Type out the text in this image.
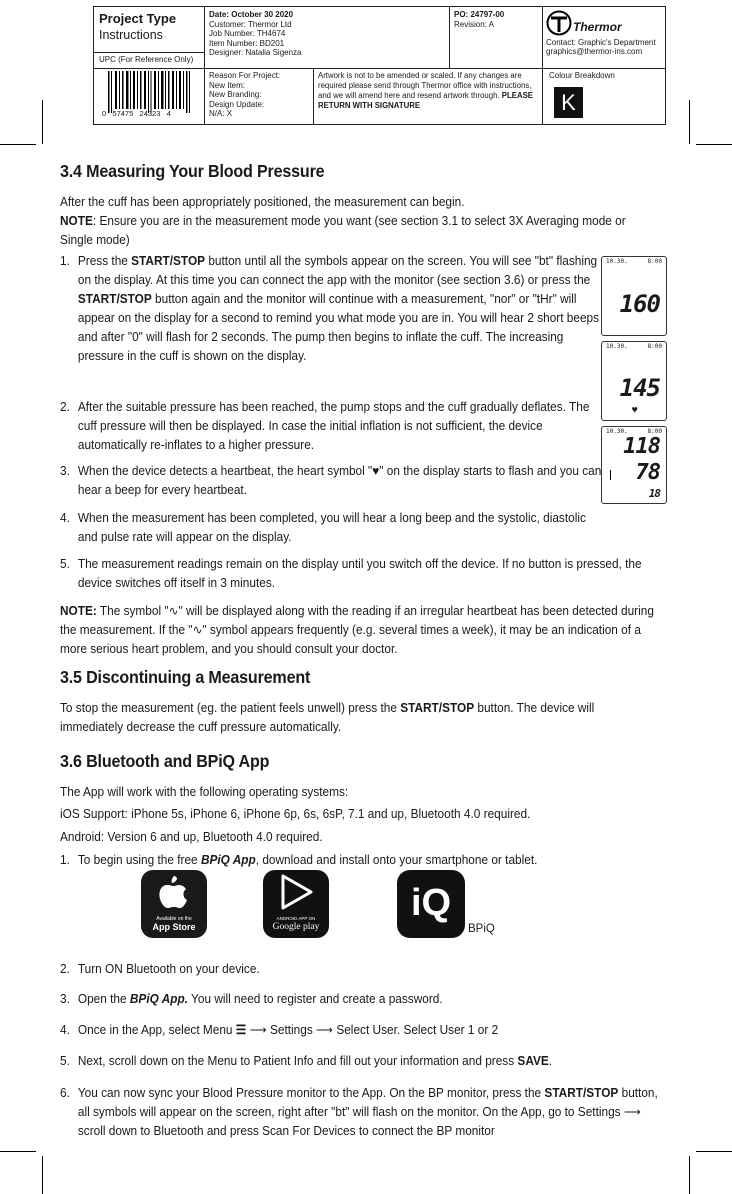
Project Type
Instructions
UPC (For Reference Only)
0   57475   24323   4
Date: October 30 2020
Customer: Thermor Ltd
Job Number: TH4674
Item Number: BD201
Designer: Natalia Sigenza
PO: 24797-00
Revision: A	Thermor
Contact: Graphic's Department
graphics@thermor-ins.com
Reason For Project:
New Item:
New Branding:
Design Update:
N/A: X
Artwork is not to be amended or scaled. If any changes are required please send through Thermor office with instructions, and we will amend here and resend artwork through. PLEASE RETURN WITH SIGNATURE
Colour Breakdown
K
3.4 Measuring Your Blood Pressure
After the cuff has been appropriately positioned, the measurement can begin.
NOTE: Ensure you are in the measurement mode you want (see section 3.1 to select 3X Averaging mode or Single mode)
1. Press the START/STOP button until all the symbols appear on the screen. You will see "bt" flashing on the display. At this time you can connect the app with the monitor (see section 3.6) or press the START/STOP button again and the monitor will continue with a measurement, "nor" or "tHr" will appear on the display for a second to remind you what mode you are in. You will hear 2 short beeps and after "0" will flash for 2 seconds. The pump then begins to inflate the cuff. The increasing pressure in the cuff is shown on the display.
2. After the suitable pressure has been reached, the pump stops and the cuff gradually deflates. The cuff pressure will then be displayed. In case the initial inflation is not sufficient, the device automatically re-inflates to a higher pressure.
3. When the device detects a heartbeat, the heart symbol "♥" on the display starts to flash and you can hear a beep for every heartbeat.
4. When the measurement has been completed, you will hear a long beep and the systolic, diastolic and pulse rate will appear on the display.
5. The measurement readings remain on the display until you switch off the device. If no button is pressed, the device switches off itself in 3 minutes.
NOTE: The symbol "∿" will be displayed along with the reading if an irregular heartbeat has been detected during the measurement. If the "∿" symbol appears frequently (e.g. several times a week), it may be an indication of a more serious heart problem, and you should consult your doctor.
10.30.	8:00
160
10.30.	8:00
145
♥
10.30.	8:00
118
78
18
3.5 Discontinuing a Measurement
To stop the measurement (eg. the patient feels unwell) press the START/STOP button. The device will immediately decrease the cuff pressure automatically.
3.6 Bluetooth and BPiQ App
The App will work with the following operating systems:
iOS Support: iPhone 5s, iPhone 6, iPhone 6p, 6s, 6sP, 7.1 and up, Bluetooth 4.0 required.
Android: Version 6 and up, Bluetooth 4.0 required.
1. To begin using the free BPiQ App, download and install onto your smartphone or tablet.
Available on the
App Store
ANDROID APP ON
Google play
iQ
BPiQ
2. Turn ON Bluetooth on your device.
3. Open the BPiQ App. You will need to register and create a password.
4. Once in the App, select Menu ☰ ⟶ Settings ⟶ Select User. Select User 1 or 2
5. Next, scroll down on the Menu to Patient Info and fill out your information and press SAVE.
6. You can now sync your Blood Pressure monitor to the App. On the BP monitor, press the START/STOP button, all symbols will appear on the screen, right after "bt" will flash on the monitor. On the App, go to Settings ⟶ scroll down to Bluetooth and press Scan For Devices to connect the BP monitor
